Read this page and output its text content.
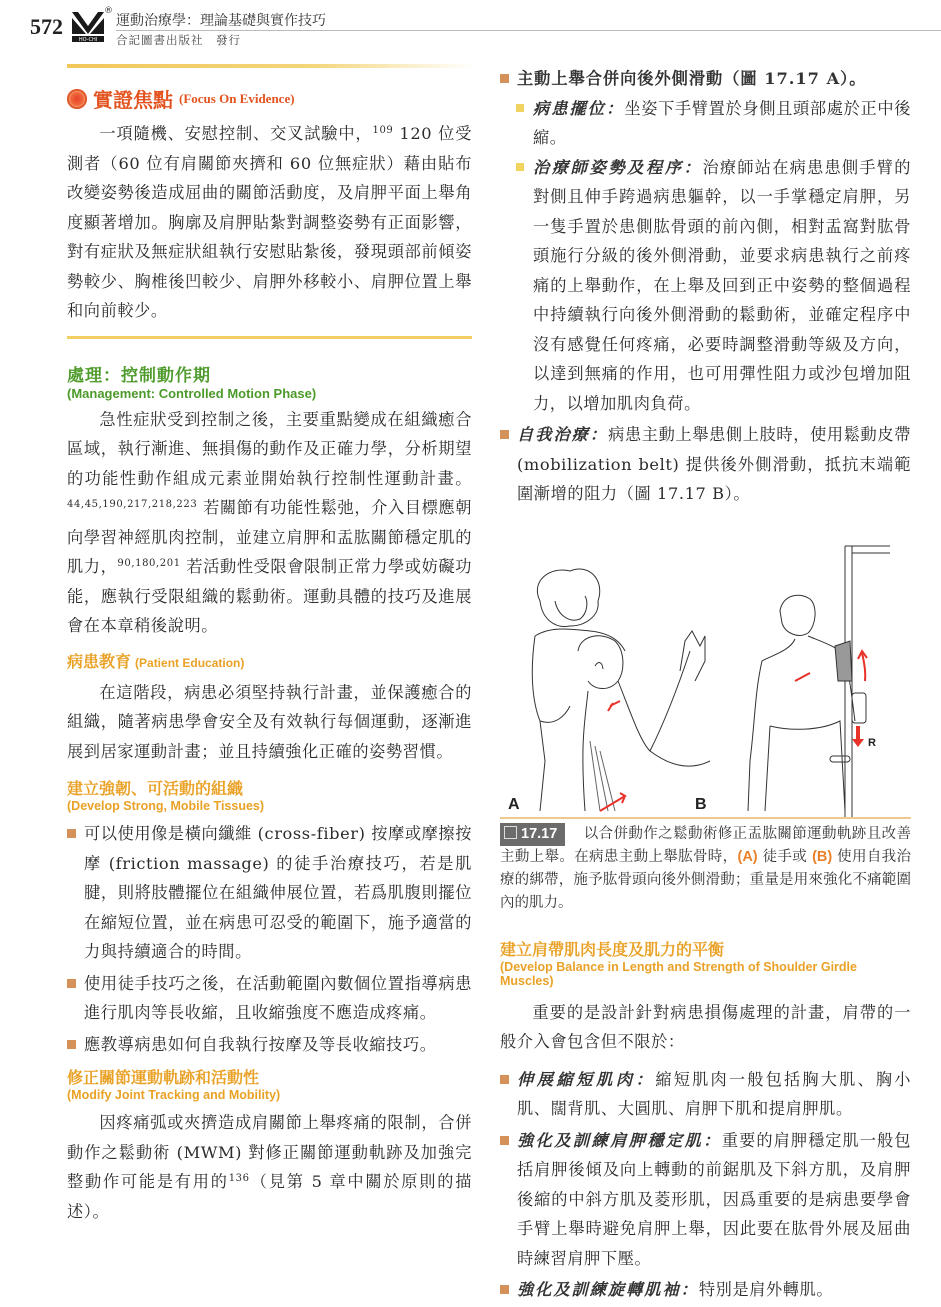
572
HO-CHI
®
運動治療學：理論基礎與實作技巧
合記圖書出版社　發行
實證焦點 (Focus On Evidence)

一項隨機、安慰控制、交叉試驗中，$^{109}$ 120 位受測者（60 位有肩關節夾擠和 60 位無症狀）藉由貼布改變姿勢後造成屈曲的關節活動度，及肩胛平面上舉角度顯著增加。胸廓及肩胛貼紮對調整姿勢有正面影響，對有症狀及無症狀組執行安慰貼紮後，發現頭部前傾姿勢較少、胸椎後凹較少、肩胛外移較小、肩胛位置上舉和向前較少。

處理：控制動作期
(Management: Controlled Motion Phase)

急性症狀受到控制之後，主要重點變成在組織癒合區域，執行漸進、無損傷的動作及正確力學，分析期望的功能性動作組成元素並開始執行控制性運動計畫。$^{44,45,190,217,218,223}$ 若關節有功能性鬆弛，介入目標應朝向學習神經肌肉控制，並建立肩胛和盂肱關節穩定肌的肌力，$^{90,180,201}$ 若活動性受限會限制正常力學或妨礙功能，應執行受限組織的鬆動術。運動具體的技巧及進展會在本章稍後說明。

病患教育 (Patient Education)

在這階段，病患必須堅持執行計畫，並保護癒合的組織，隨著病患學會安全及有效執行每個運動，逐漸進展到居家運動計畫；並且持續強化正確的姿勢習慣。

建立強韌、可活動的組織
(Develop Strong, Mobile Tissues)
可以使用像是橫向纖維 (cross-fiber) 按摩或摩擦按摩 (friction massage) 的徒手治療技巧，若是肌腱，則將肢體擺位在組織伸展位置，若爲肌腹則擺位在縮短位置，並在病患可忍受的範圍下，施予適當的力與持續適合的時間。
使用徒手技巧之後，在活動範圍內數個位置指導病患進行肌肉等長收縮，且收縮強度不應造成疼痛。
應教導病患如何自我執行按摩及等長收縮技巧。
修正關節運動軌跡和活動性
(Modify Joint Tracking and Mobility)

因疼痛弧或夾擠造成肩關節上舉疼痛的限制，合併動作之鬆動術 (MWM) 對修正關節運動軌跡及加強完整動作可能是有用的$^{136}$（見第 5 章中關於原則的描述）。

主動上舉合併向後外側滑動（圖 17.17 A）。
病患擺位：坐姿下手臂置於身側且頭部處於正中後縮。
治療師姿勢及程序：治療師站在病患患側手臂的對側且伸手跨過病患軀幹，以一手掌穩定肩胛，另一隻手置於患側肱骨頭的前內側，相對盂窩對肱骨頭施行分級的後外側滑動，並要求病患執行之前疼痛的上舉動作，在上舉及回到正中姿勢的整個過程中持續執行向後外側滑動的鬆動術，並確定程序中沒有感覺任何疼痛，必要時調整滑動等級及方向，以達到無痛的作用，也可用彈性阻力或沙包增加阻力，以增加肌肉負荷。
自我治療：病患主動上舉患側上肢時，使用鬆動皮帶 (mobilization belt) 提供後外側滑動，抵抗末端範圍漸增的阻力（圖 17.17 B）。
A	B
R
17.17 以合併動作之鬆動術修正盂肱關節運動軌跡且改善主動上舉。在病患主動上舉肱骨時，(A) 徒手或 (B) 使用自我治療的綁帶，施予肱骨頭向後外側滑動；重量是用來強化不痛範圍內的肌力。
建立肩帶肌肉長度及肌力的平衡
(Develop Balance in Length and Strength of Shoulder Girdle Muscles)

重要的是設計針對病患損傷處理的計畫，肩帶的一般介入會包含但不限於：

伸展縮短肌肉：縮短肌肉一般包括胸大肌、胸小肌、闊背肌、大圓肌、肩胛下肌和提肩胛肌。
強化及訓練肩胛穩定肌：重要的肩胛穩定肌一般包括肩胛後傾及向上轉動的前鋸肌及下斜方肌，及肩胛後縮的中斜方肌及菱形肌，因爲重要的是病患要學會手臂上舉時避免肩胛上舉，因此要在肱骨外展及屈曲時練習肩胛下壓。
強化及訓練旋轉肌袖：特別是肩外轉肌。
